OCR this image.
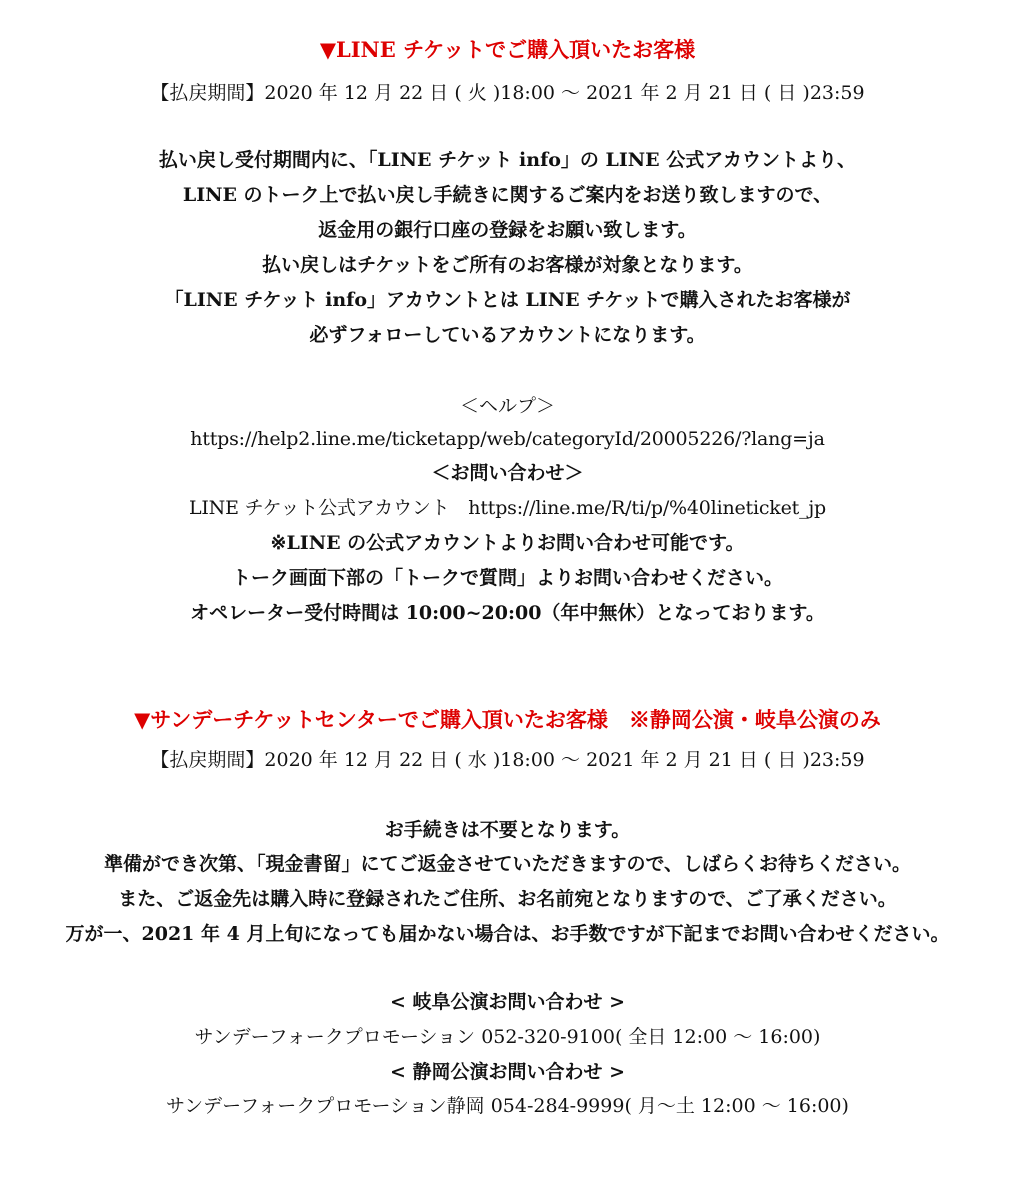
▼LINE チケットでご購入頂いたお客様
【払戻期間】2020 年 12 月 22 日 ( 火 )18:00 ～ 2021 年 2 月 21 日 ( 日 )23:59
払い戻し受付期間内に、「LINE チケット info」の LINE 公式アカウントより、
LINE のトーク上で払い戻し手続きに関するご案内をお送り致しますので、
返金用の銀行口座の登録をお願い致します。
払い戻しはチケットをご所有のお客様が対象となります。
「LINE チケット info」アカウントとは LINE チケットで購入されたお客様が
必ずフォローしているアカウントになります。
＜ヘルプ＞
https://help2.line.me/ticketapp/web/categoryId/20005226/?lang=ja
＜お問い合わせ＞
LINE チケット公式アカウント　https://line.me/R/ti/p/%40lineticket_jp
※LINE の公式アカウントよりお問い合わせ可能です。
トーク画面下部の「トークで質問」よりお問い合わせください。
オペレーター受付時間は 10:00~20:00（年中無休）となっております。
▼サンデーチケットセンターでご購入頂いたお客様　※静岡公演・岐阜公演のみ
【払戻期間】2020 年 12 月 22 日 ( 水 )18:00 ～ 2021 年 2 月 21 日 ( 日 )23:59
お手続きは不要となります。
準備ができ次第、「現金書留」にてご返金させていただきますので、しばらくお待ちください。
また、ご返金先は購入時に登録されたご住所、お名前宛となりますので、ご了承ください。
万が一、2021 年 4 月上旬になっても届かない場合は、お手数ですが下記までお問い合わせください。
< 岐阜公演お問い合わせ >
サンデーフォークプロモーション 052-320-9100( 全日 12:00 ～ 16:00)
< 静岡公演お問い合わせ >
サンデーフォークプロモーション静岡 054-284-9999( 月～土 12:00 ～ 16:00)
